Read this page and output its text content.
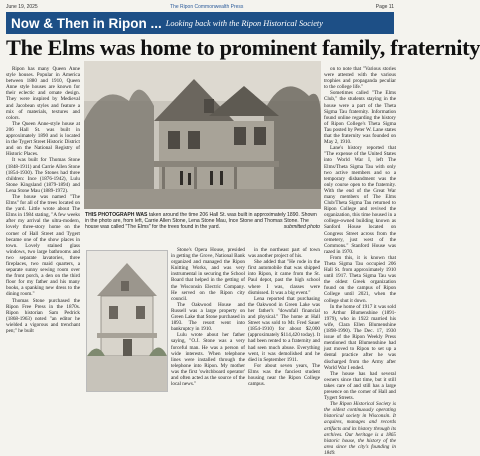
June 19, 2025	The Ripon Commonwealth Press	Page 11
Now & Then in Ripon ... Looking back with the Ripon Historical Society
The Elms was home to prominent family, fraternity

Ripon has many Queen Anne style houses. Popular in America between 1880 and 1910, Queen Anne style houses are known for their eclectic and ornate design. They were inspired by Medieval and Jacobean styles and feature a mix of materials, textures and colors.

The Queen Anne-style house at 206 Hall St. was built in approximately 1890 and is located in the Tygert Street Historic District and on the National Registry of Historic Places.

It was built for Thomas Stone (1848-1911) and Carrie Allen Stone (1854-1930). The Stones had three children: Ince (1876-1942), Lulu Stone Kingsland (1879-1894) and Lena Stone Mau (1889-1972).

The house was named "The Elms" for all of the trees located on the yard. Little wrote about The Elms in 1984 stating, "A few weeks after my arrival the ultra-modern, lovely three-story home on the corner of Hall Street and Tygert became one of the show places in town. Lovely stained glass windows, two large bathrooms and two separate lavatories, three fireplaces, two maid quarters, a separate sunny sewing room over the front porch, a den on the third floor for my father and his many books, a spanking new dress to the dining room."

Thomas Stone purchased the Ripon Free Press in the 1870s. Ripon historian Sam Pedrick (1868-1963) noted "an editor he wielded a vigorous and trenchant pen;" he built

THIS PHOTOGRAPH WAS taken around the time 206 Hall St. was built in approximately 1890. Shown in the photo are, from left, Carrie Allen Stone, Lena Stone Mau, Ince Stone and Thomas Stone. The house was called "The Elms" for the trees found in the yard.	submitted photo

Stone's Opera House, presided in getting the Grove, National Bank organized and managed the Ripon Knitting Works, and was very instrumental in securing the School Board that helped in the getting of the Wisconsin Electric Company. He served on the Ripon city council.

The Oakwood House and Russell was a large property on Green Lake that Stone purchased in 1893. The resort went into bankruptcy in 1910.

Lulu wrote about her father saying, "O.J. Stone was a very forceful man. He was a person of wide interests. When telephone lines were installed through the telephone into Ripon. My mother was the first 'switchboard operator' and often acted as the source of the local news."

in the northeast part of town was another project of his.

She added that "He rode in the first automobile that was shipped into Ripon, it came from the St. Paul depot, past the high school where I was, classes were dismissed. It was a big event."

Lena reported that purchasing the Oakwood in Green Lake was her father's "downfall financial and physical." The home at Hall Street was sold to Mr. Fred Sauer (1854-1910) for about $2,000 (approximately $114,420 today). It had been rented to a fraternity and had seen much abuse. Everything went, it was demolished and he died in September 1911.

For about seven years, The Elms was the fanciest student housing near the Ripon College campus.

on to note that "Various stories were attested with the various trophies and propaganda peculiar to the college life."

Sometimes called "The Elms Club," the students staying in the house were a part of the Theta Sigma Tau fraternity. Information found online regarding the history of Ripon College's Theta Sigma Tau posted by Peter W. Lane states that the fraternity was founded on May 2, 1910.

Lane's history reported that "The expense of the United States into World War I, left The Elms/Theta Sigma Tau with only two active members and so a temporary disbandment was the only course open to the fraternity. With the end of the Great War many members of The Elms Club/Theta Sigma Tau returned to Ripon College and revived the organization, this time housed in a college-owned building known as Sanford House located on Congress Street across from the cemetery, just west of the Commons." Stanford House was razed in 1970.

From this, it is known that Theta Sigma Tau occupied 206 Hall St. from approximately 1910 until 1917. Theta Sigma Tau was the oldest Greek organization found on the campus of Ripon College until 2021, when the college shut it down.

In the home of 1917 it was sold to Arthur Blumenshine (1891-1979), who in 1922 married his wife, Clara Ellen Blumenshine (1898-1990). The Dec. 17, 1930 issue of the Ripon Weekly Press mentioned that Blumenshine had just moved to Ripon to set up a dental practice after he was discharged from the Army after World War I ended.

The house has had several owners since that time, but it still takes care of and still has a large presence on the corner of Hall and Tygert Streets.

The Ripon Historical Society is the oldest continuously operating historical society in Wisconsin. It acquires, manages and records artifacts and its history through its archives. Our heritage is a 1865 historic house, the history of the area since the city's founding in 1849.
